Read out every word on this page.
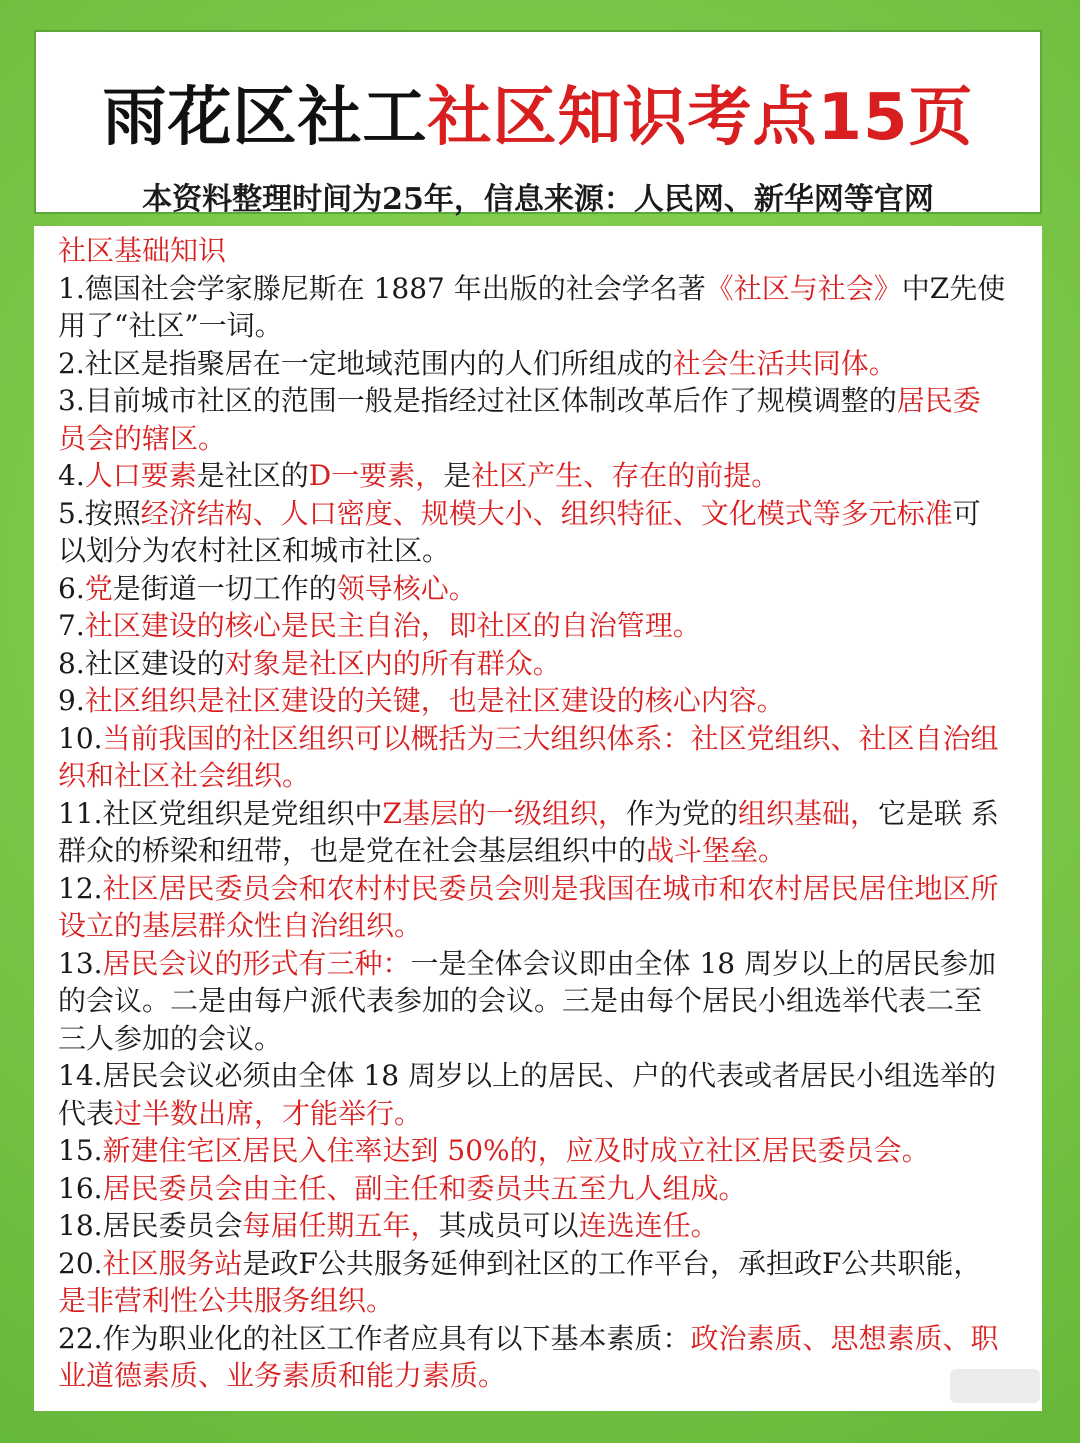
雨花区社工社区知识考点15页
本资料整理时间为25年，信息来源：人民网、新华网等官网

社区基础知识

1.德国社会学家滕尼斯在 1887 年出版的社会学名著《社区与社会》中Z先使用了“社区”一词。

2.社区是指聚居在一定地域范围内的人们所组成的社会生活共同体。

3.目前城市社区的范围一般是指经过社区体制改革后作了规模调整的居民委员会的辖区。

4.人口要素是社区的D一要素，是社区产生、存在的前提。

5.按照经济结构、人口密度、规模大小、组织特征、文化模式等多元标准可以划分为农村社区和城市社区。

6.党是街道一切工作的领导核心。

7.社区建设的核心是民主自治，即社区的自治管理。

8.社区建设的对象是社区内的所有群众。

9.社区组织是社区建设的关键，也是社区建设的核心内容。

10.当前我国的社区组织可以概括为三大组织体系：社区党组织、社区自治组织和社区社会组织。

11.社区党组织是党组织中Z基层的一级组织，作为党的组织基础，它是联 系 群众的桥梁和纽带，也是党在社会基层组织中的战斗堡垒。

12.社区居民委员会和农村村民委员会则是我国在城市和农村居民居住地区所设立的基层群众性自治组织。

13.居民会议的形式有三种：一是全体会议即由全体 18 周岁以上的居民参加的会议。二是由每户派代表参加的会议。三是由每个居民小组选举代表二至三人参加的会议。

14.居民会议必须由全体 18 周岁以上的居民、户的代表或者居民小组选举的代表过半数出席，才能举行。

15.新建住宅区居民入住率达到 50%的，应及时成立社区居民委员会。

16.居民委员会由主任、副主任和委员共五至九人组成。

18.居民委员会每届任期五年，其成员可以连选连任。

20.社区服务站是政F公共服务延伸到社区的工作平台，承担政F公共职能，是非营利性公共服务组织。

22.作为职业化的社区工作者应具有以下基本素质：政治素质、思想素质、职业道德素质、业务素质和能力素质。
